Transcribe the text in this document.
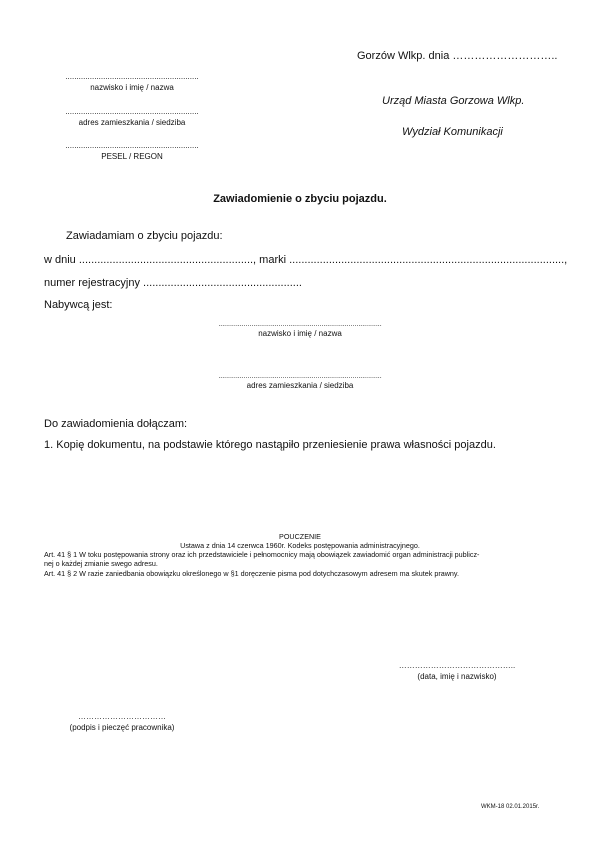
Gorzów Wlkp. dnia ………………………..
Urząd Miasta Gorzowa Wlkp.
Wydział Komunikacji
............................................................
nazwisko i imię / nazwa
............................................................
adres zamieszkania / siedziba
............................................................
PESEL / REGON
Zawiadomienie o zbyciu pojazdu.
Zawiadamiam o zbyciu pojazdu:
w dniu ........................................................., marki ..........................................................................................,
numer rejestracyjny ....................................................
Nabywcą jest:
....................................................................................
nazwisko i imię / nazwa
....................................................................................
adres zamieszkania / siedziba
Do zawiadomienia dołączam:
1. Kopię dokumentu, na podstawie którego nastąpiło przeniesienie prawa własności pojazdu.
POUCZENIE
Ustawa z dnia 14 czerwca 1960r. Kodeks postępowania administracyjnego.
Art. 41 § 1 W toku postępowania strony oraz ich przedstawiciele i pełnomocnicy mają obowiązek zawiadomić organ administracji publicz-
nej o każdej zmianie swego adresu.
Art. 41 § 2 W razie zaniedbania obowiązku określonego w §1 doręczenie pisma pod dotychczasowym adresem ma skutek prawny.
……………………………………..
(data, imię i nazwisko)
……………………………
(podpis i pieczęć pracownika)
WKM-18 02.01.2015r.
